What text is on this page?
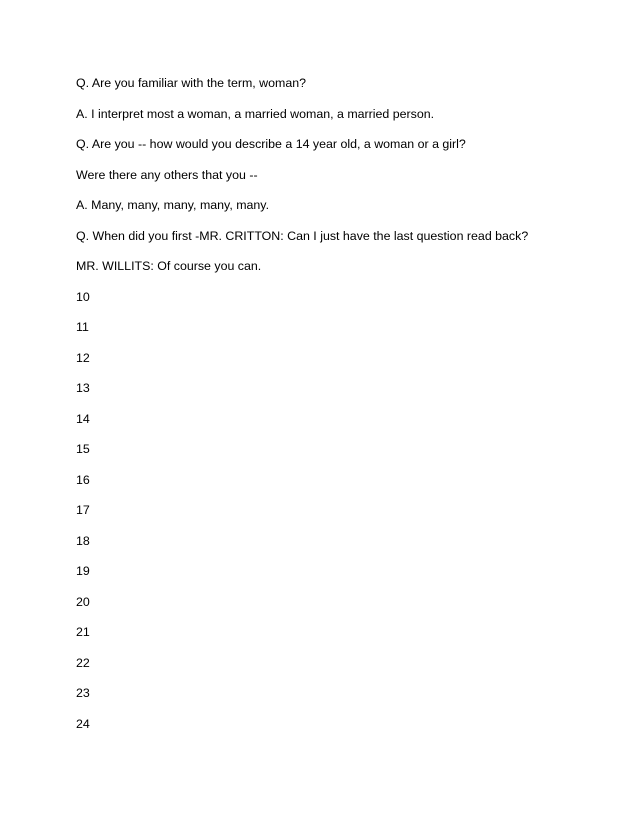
Q. Are you familiar with the term, woman?
A. I interpret most a woman, a married woman, a married person.
Q. Are you -- how would you describe a 14 year old, a woman or a girl?
Were there any others that you --
A. Many, many, many, many, many.
Q. When did you first -MR. CRITTON: Can I just have the last question read back?
MR. WILLITS: Of course you can.
10
11
12
13
14
15
16
17
18
19
20
21
22
23
24
